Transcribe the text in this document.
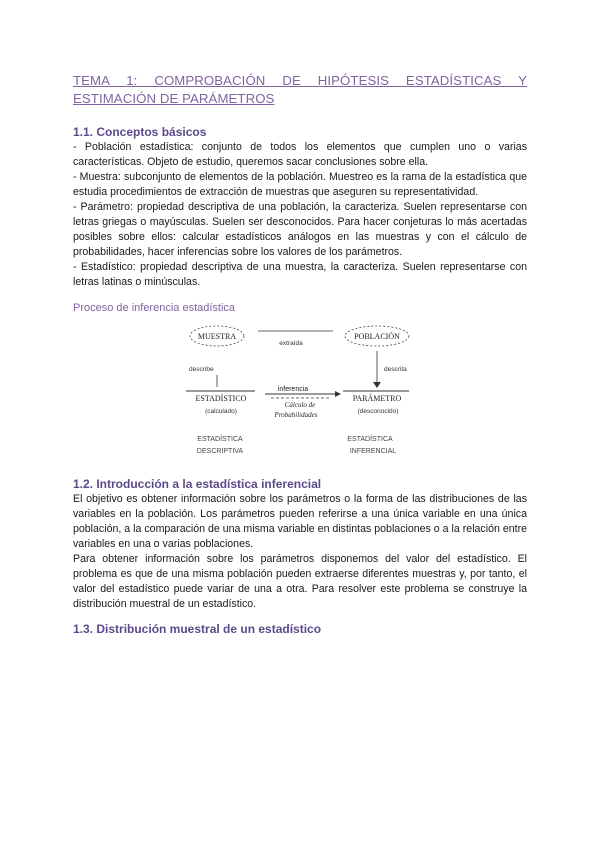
TEMA 1: COMPROBACIÓN DE HIPÓTESIS ESTADÍSTICAS Y
ESTIMACIÓN DE PARÁMETROS
1.1. Conceptos básicos

- Población estadística: conjunto de todos los elementos que cumplen uno o varias características. Objeto de estudio, queremos sacar conclusiones sobre ella.

- Muestra: subconjunto de elementos de la población. Muestreo es la rama de la estadística que estudia procedimientos de extracción de muestras que aseguren su representatividad.

- Parámetro: propiedad descriptiva de una población, la caracteriza. Suelen representarse con letras griegas o mayúsculas. Suelen ser desconocidos. Para hacer conjeturas lo más acertadas posibles sobre ellos: calcular estadísticos análogos en las muestras y con el cálculo de probabilidades, hacer inferencias sobre los valores de los parámetros.

- Estadístico: propiedad descriptiva de una muestra, la caracteriza. Suelen representarse con letras latinas o minúsculas.

Proceso de inferencia estadística
MUESTRA	POBLACIÓN
extraída
describe	descrita
ESTADÍSTICO
(calculado)
PARÁMETRO
(desconocido)
inferencia
Cálculo de
Probabilidades
ESTADÍSTICA
DESCRIPTIVA
ESTADÍSTICA
INFERENCIAL
1.2. Introducción a la estadística inferencial

El objetivo es obtener información sobre los parámetros o la forma de las distribuciones de las variables en la población. Los parámetros pueden referirse a una única variable en una única población, a la comparación de una misma variable en distintas poblaciones o a la relación entre variables en una o varias poblaciones.

Para obtener información sobre los parámetros disponemos del valor del estadístico. El problema es que de una misma población pueden extraerse diferentes muestras y, por tanto, el valor del estadístico puede variar de una a otra. Para resolver este problema se construye la distribución muestral de un estadístico.

1.3. Distribución muestral de un estadístico
